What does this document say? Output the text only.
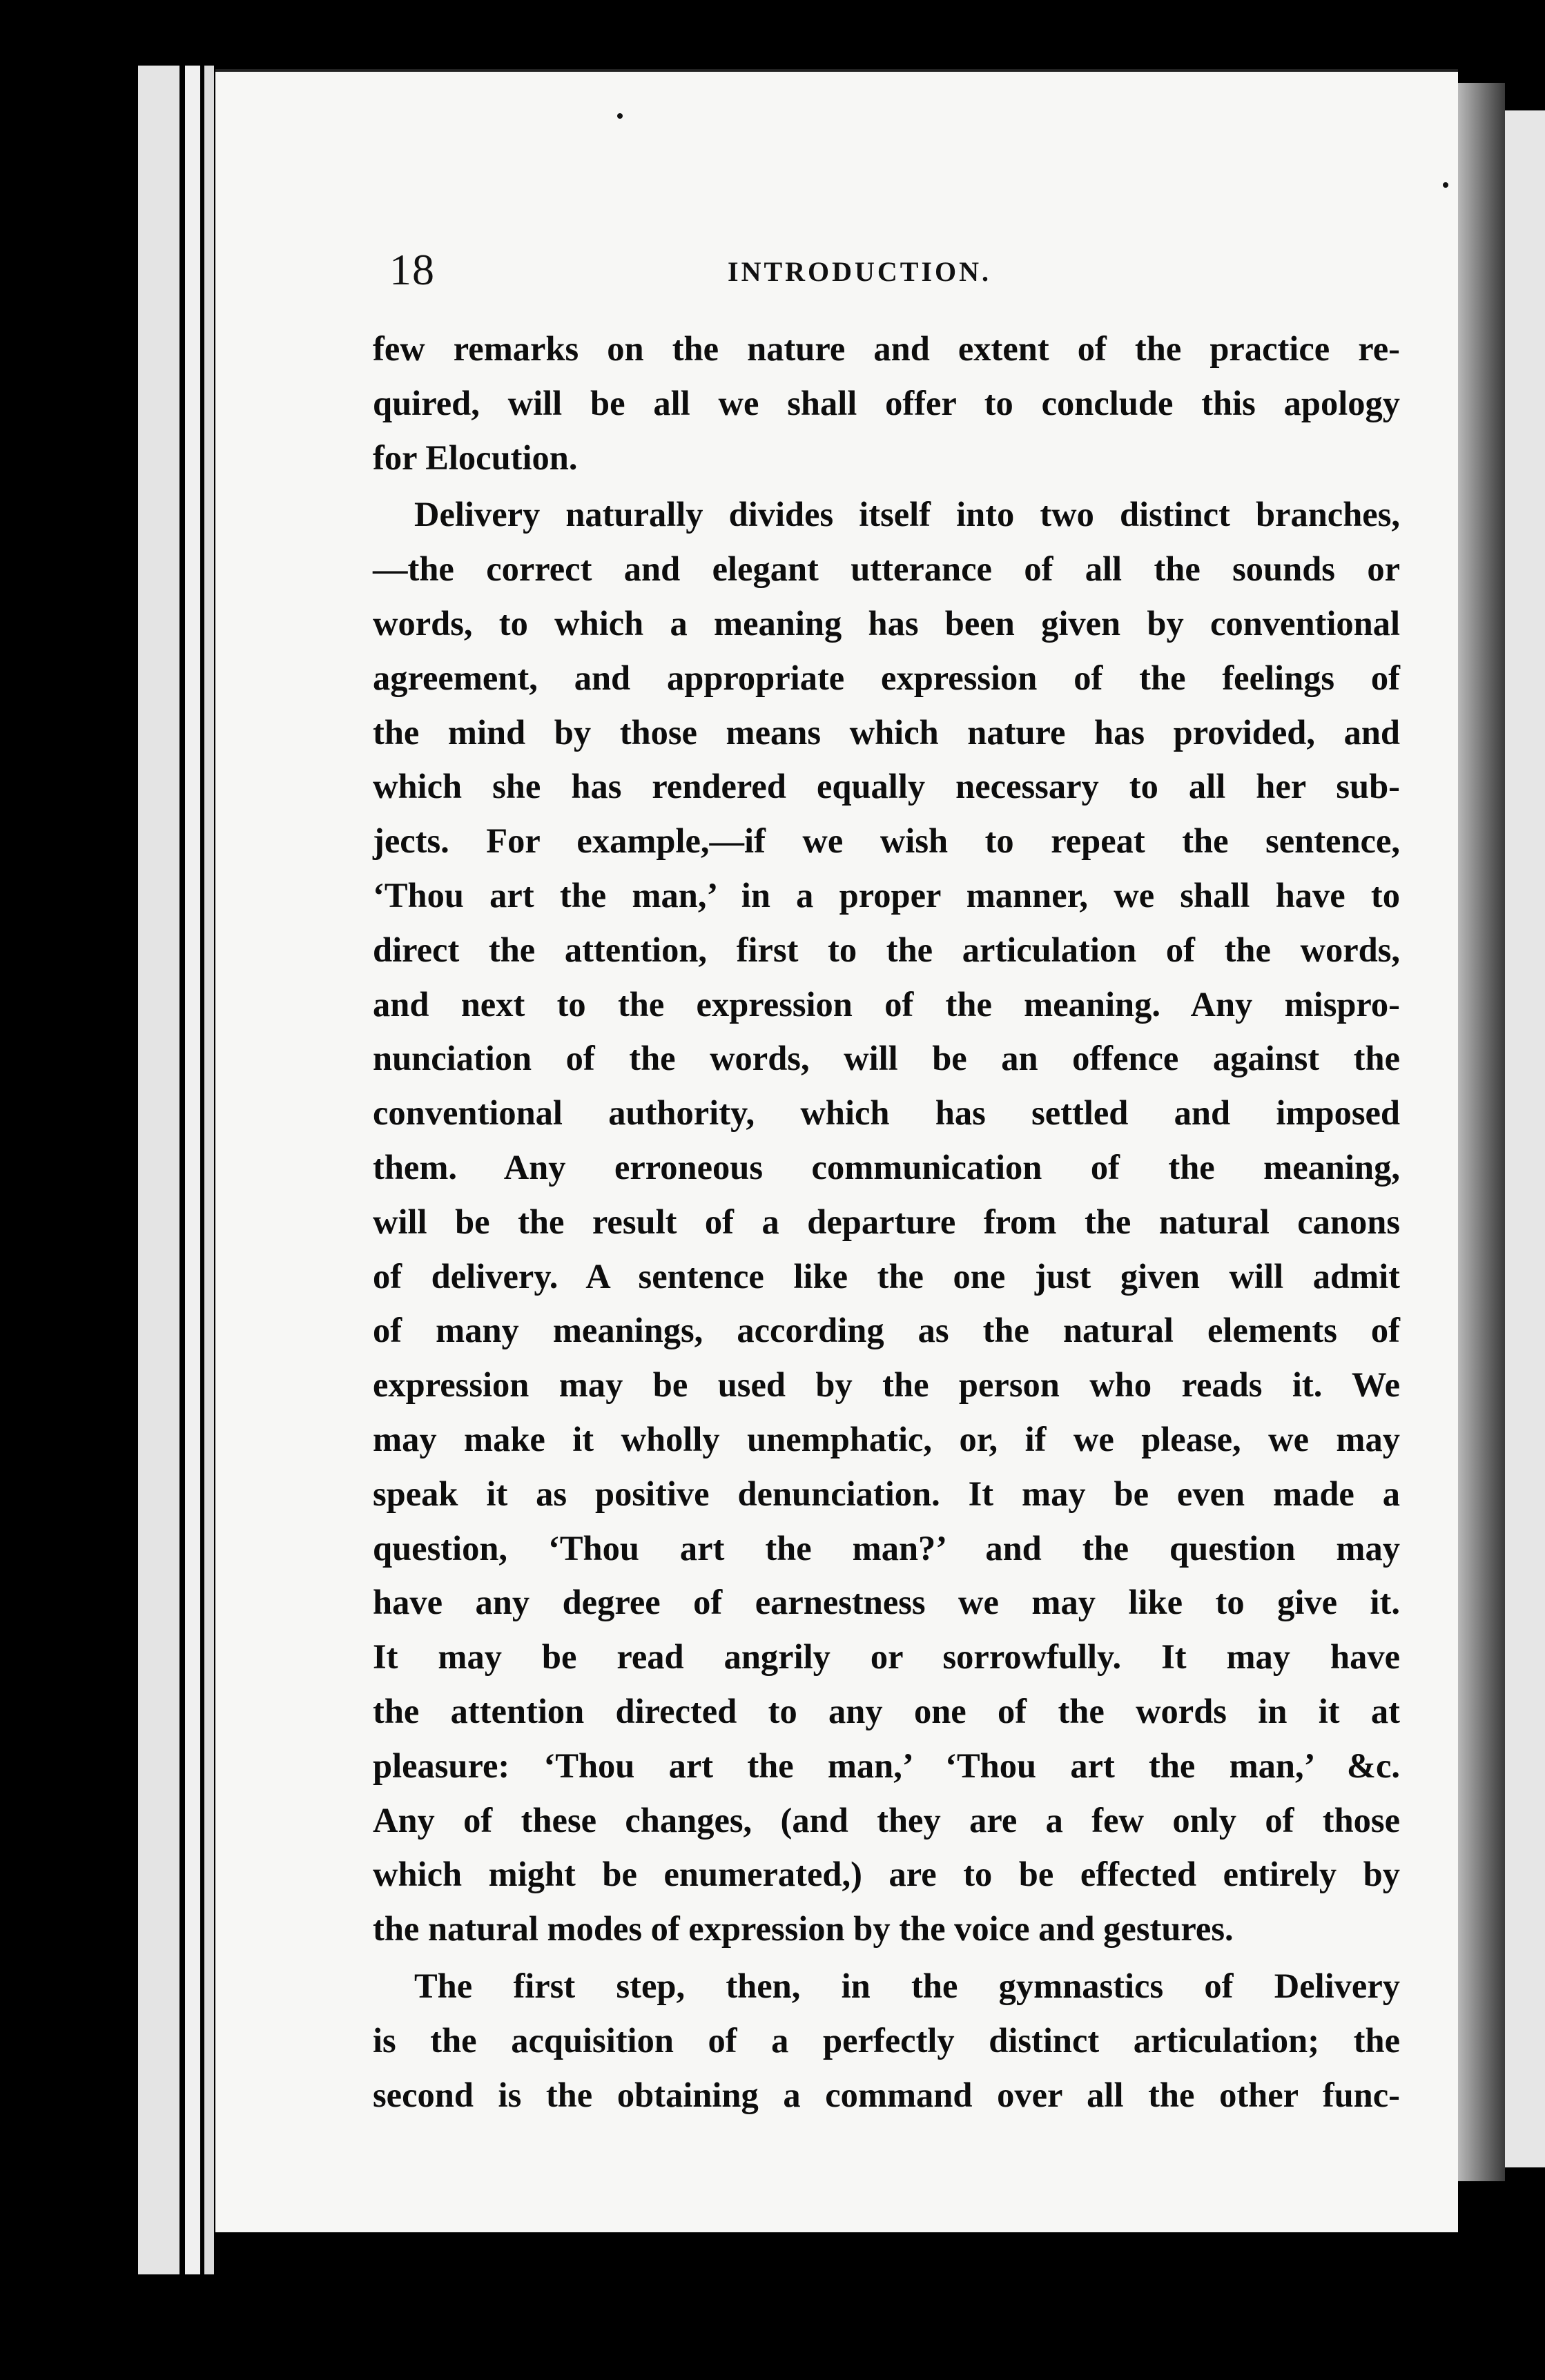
18	INTRODUCTION.
few remarks on the nature and extent of the practice re-
quired, will be all we shall offer to conclude this apology
for Elocution.
Delivery naturally divides itself into two distinct branches,
—the correct and elegant utterance of all the sounds or
words, to which a meaning has been given by conventional
agreement, and appropriate expression of the feelings of
the mind by those means which nature has provided, and
which she has rendered equally necessary to all her sub-
jects. For example,—if we wish to repeat the sentence,
‘Thou art the man,’ in a proper manner, we shall have to
direct the attention, first to the articulation of the words,
and next to the expression of the meaning. Any mispro-
nunciation of the words, will be an offence against the
conventional authority, which has settled and imposed
them. Any erroneous communication of the meaning,
will be the result of a departure from the natural canons
of delivery. A sentence like the one just given will admit
of many meanings, according as the natural elements of
expression may be used by the person who reads it. We
may make it wholly unemphatic, or, if we please, we may
speak it as positive denunciation. It may be even made a
question, ‘Thou art the man?’ and the question may
have any degree of earnestness we may like to give it.
It may be read angrily or sorrowfully. It may have
the attention directed to any one of the words in it at
pleasure: ‘Thou art the man,’ ‘Thou art the man,’ &c.
Any of these changes, (and they are a few only of those
which might be enumerated,) are to be effected entirely by
the natural modes of expression by the voice and gestures.
The first step, then, in the gymnastics of Delivery
is the acquisition of a perfectly distinct articulation; the
second is the obtaining a command over all the other func-
